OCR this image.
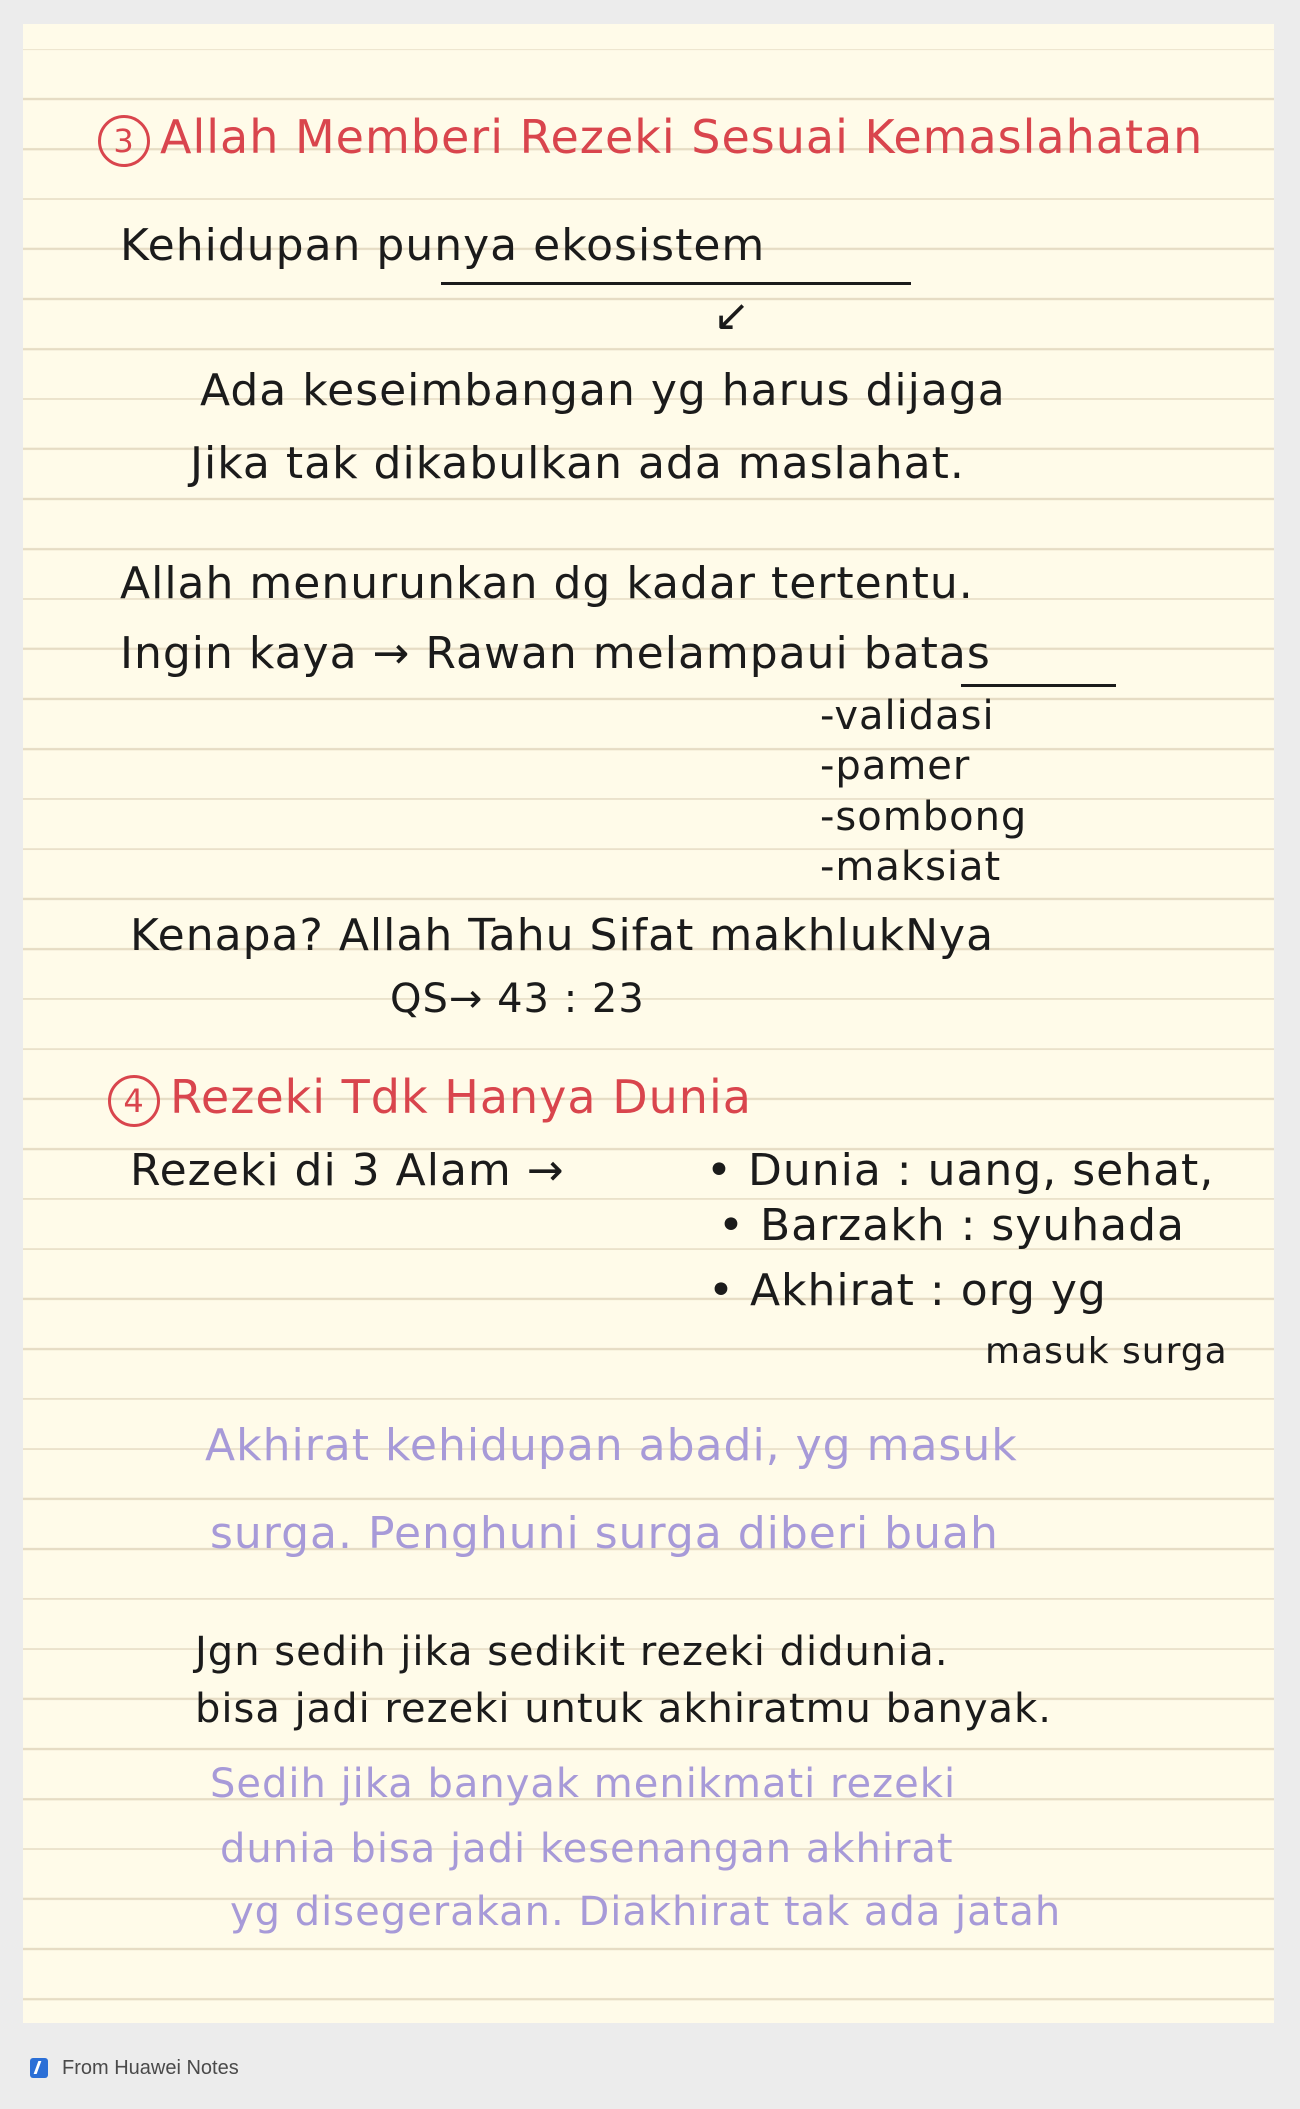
3 Allah Memberi Rezeki Sesuai Kemaslahatan
Kehidupan punya ekosistem
↙
Ada keseimbangan yg harus dijaga
Jika tak dikabulkan ada maslahat.
Allah menurunkan dg kadar tertentu.
Ingin kaya → Rawan melampaui batas
-validasi
-pamer
-sombong
-maksiat
Kenapa? Allah Tahu Sifat makhlukNya
QS→ 43 : 23
4 Rezeki Tdk Hanya Dunia
Rezeki di 3 Alam →	• Dunia : uang, sehat,
• Barzakh : syuhada
• Akhirat : org yg
masuk surga
Akhirat kehidupan abadi, yg masuk
surga. Penghuni surga diberi buah
Jgn sedih jika sedikit rezeki didunia.
bisa jadi rezeki untuk akhiratmu banyak.
Sedih jika banyak menikmati rezeki
dunia bisa jadi kesenangan akhirat
yg disegerakan. Diakhirat tak ada jatah
From Huawei Notes
